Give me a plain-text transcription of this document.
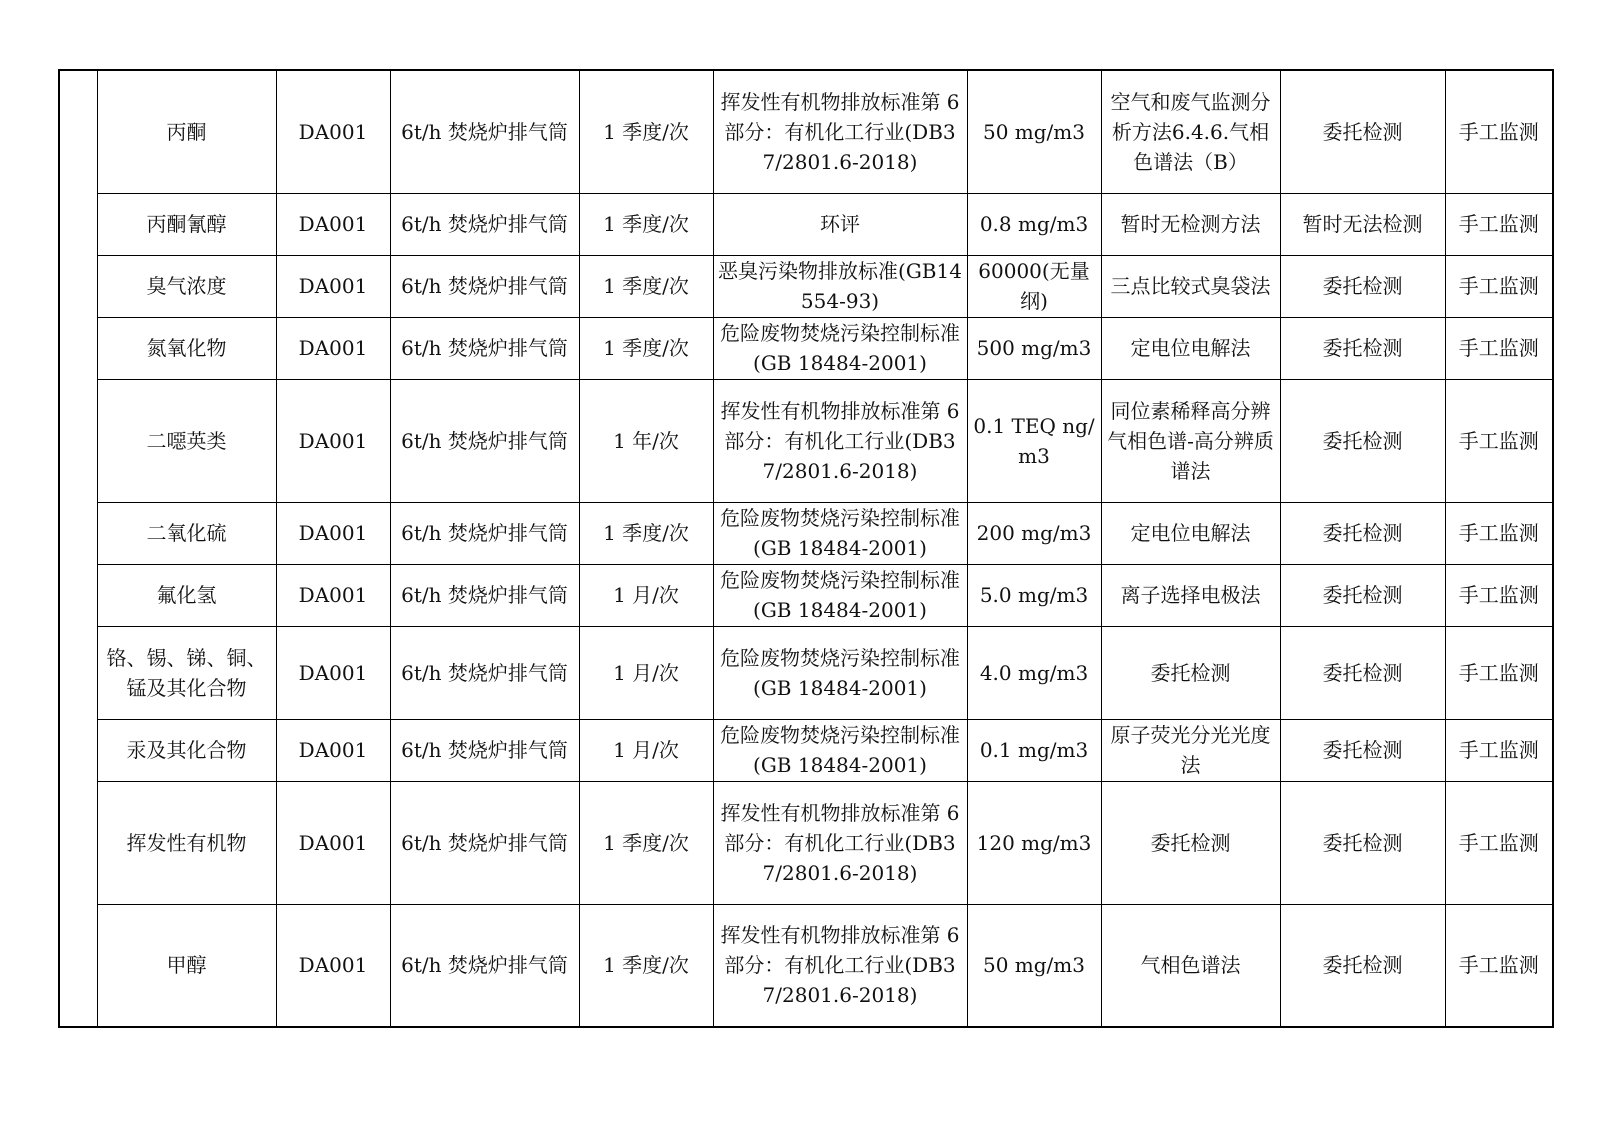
	丙酮	DA001	6t/h 焚烧炉排气筒	1 季度/次	挥发性有机物排放标准第 6 部分：有机化工行业(DB37/2801.6-2018)	50 mg/m3	空气和废气监测分析方法6.4.6.气相色谱法（B）	委托检测	手工监测
	丙酮氰醇	DA001	6t/h 焚烧炉排气筒	1 季度/次	环评	0.8 mg/m3	暂时无检测方法	暂时无法检测	手工监测
	臭气浓度	DA001	6t/h 焚烧炉排气筒	1 季度/次	恶臭污染物排放标准(GB14554-93)	60000(无量纲)	三点比较式臭袋法	委托检测	手工监测
	氮氧化物	DA001	6t/h 焚烧炉排气筒	1 季度/次	危险废物焚烧污染控制标准(GB 18484-2001)	500 mg/m3	定电位电解法	委托检测	手工监测
	二噁英类	DA001	6t/h 焚烧炉排气筒	1 年/次	挥发性有机物排放标准第 6 部分：有机化工行业(DB37/2801.6-2018)	0.1 TEQ ng/m3	同位素稀释高分辨气相色谱-高分辨质谱法	委托检测	手工监测
	二氧化硫	DA001	6t/h 焚烧炉排气筒	1 季度/次	危险废物焚烧污染控制标准(GB 18484-2001)	200 mg/m3	定电位电解法	委托检测	手工监测
	氟化氢	DA001	6t/h 焚烧炉排气筒	1 月/次	危险废物焚烧污染控制标准(GB 18484-2001)	5.0 mg/m3	离子选择电极法	委托检测	手工监测
	铬、锡、锑、铜、锰及其化合物	DA001	6t/h 焚烧炉排气筒	1 月/次	危险废物焚烧污染控制标准(GB 18484-2001)	4.0 mg/m3	委托检测	委托检测	手工监测
	汞及其化合物	DA001	6t/h 焚烧炉排气筒	1 月/次	危险废物焚烧污染控制标准(GB 18484-2001)	0.1 mg/m3	原子荧光分光光度法	委托检测	手工监测
	挥发性有机物	DA001	6t/h 焚烧炉排气筒	1 季度/次	挥发性有机物排放标准第 6 部分：有机化工行业(DB37/2801.6-2018)	120 mg/m3	委托检测	委托检测	手工监测
	甲醇	DA001	6t/h 焚烧炉排气筒	1 季度/次	挥发性有机物排放标准第 6 部分：有机化工行业(DB37/2801.6-2018)	50 mg/m3	气相色谱法	委托检测	手工监测
